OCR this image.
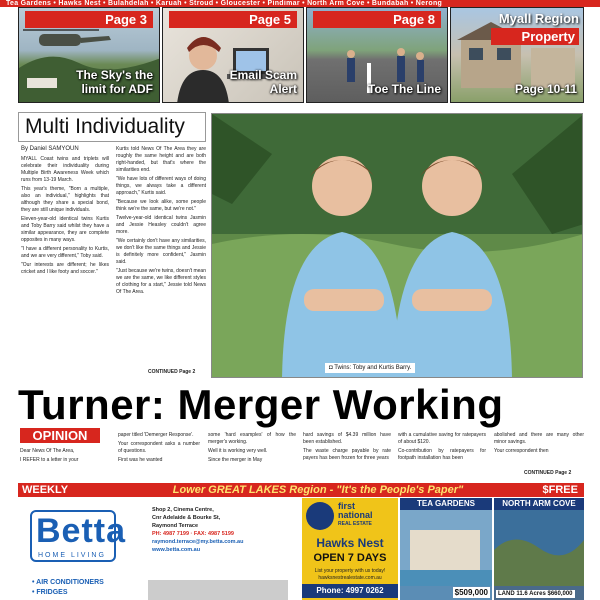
Tea Gardens • Hawks Nest • Bulahdelah • Karuah • Stroud • Gloucester • Pindimar • North Arm Cove • Bundabah • Nerong
Page 3
The Sky's the
limit for ADF
Page 5
Email Scam
Alert
Page 8
Toe The Line
Myall Region
Property
Page 10-11
Multi Individuality
By Daniel SAMYOUN

MYALL Coast twins and triplets will celebrate their individuality during Multiple Birth Awareness Week which runs from 13-19 March.

This year's theme, "Born a multiple, also an individual," highlights that although they share a special bond, they are still unique individuals.

Eleven-year-old identical twins Kurtis and Toby Barry said whilst they have a similar appearance, they are complete opposites in many ways.

"I have a different personality to Kurtis, and we are very different," Toby said.

"Our interests are different; he likes cricket and I like footy and soccer."

Kurtis told News Of The Area they are roughly the same height and are both right-handed, but that's where the similarities end.

"We have lots of different ways of doing things, we always take a different approach," Kurtis said.

"Because we look alike, some people think we're the same, but we're not."

Twelve-year-old identical twins Jasmin and Jessie Heasley couldn't agree more.

"We certainly don't have any similarities, we don't like the same things and Jessie is definitely more confident," Jasmin said.

"Just because we're twins, doesn't mean we are the same, we like different styles of clothing for a start," Jessie told News Of The Area.

CONTINUED Page 2
◘ Twins: Toby and Kurtis Barry.
Turner: Merger Working
OPINION

Dear News Of The Area,

I REFER to a letter in your

paper titled 'Demerger Response'.

Your correspondent asks a number of questions.

First was he wanted

some 'hard examples' of how the merger's working.

Well it is working very well.

Since the merger in May

hard savings of $4.39 million have been established.

The waste charge payable by rate payers has been frozen for three years

with a cumulative saving for ratepayers of about $120.

Co-contribution by ratepayers for footpath installation has been

abolished and there are many other minor savings.

Your correspondent then

CONTINUED Page 2
WEEKLY	Lower GREAT LAKES Region - "It's the People's Paper"	$FREE
Betta
HOME LIVING
Shop 2, Cinema Centre,
Cnr Adelaide & Bourke St,
Raymond Terrace
PH: 4987 7199 · FAX: 4987 5199
raymond.terrace@my.betta.com.au
www.betta.com.au
• AIR CONDITIONERS
• FRIDGES
first
national
REAL ESTATE
Hawks Nest
OPEN 7 DAYS
List your property with us today!
hawksnestrealestate.com.au
Phone: 4997 0262
TEA GARDENS
$509,000
NORTH ARM COVE
LAND 11.6 Acres $660,000
